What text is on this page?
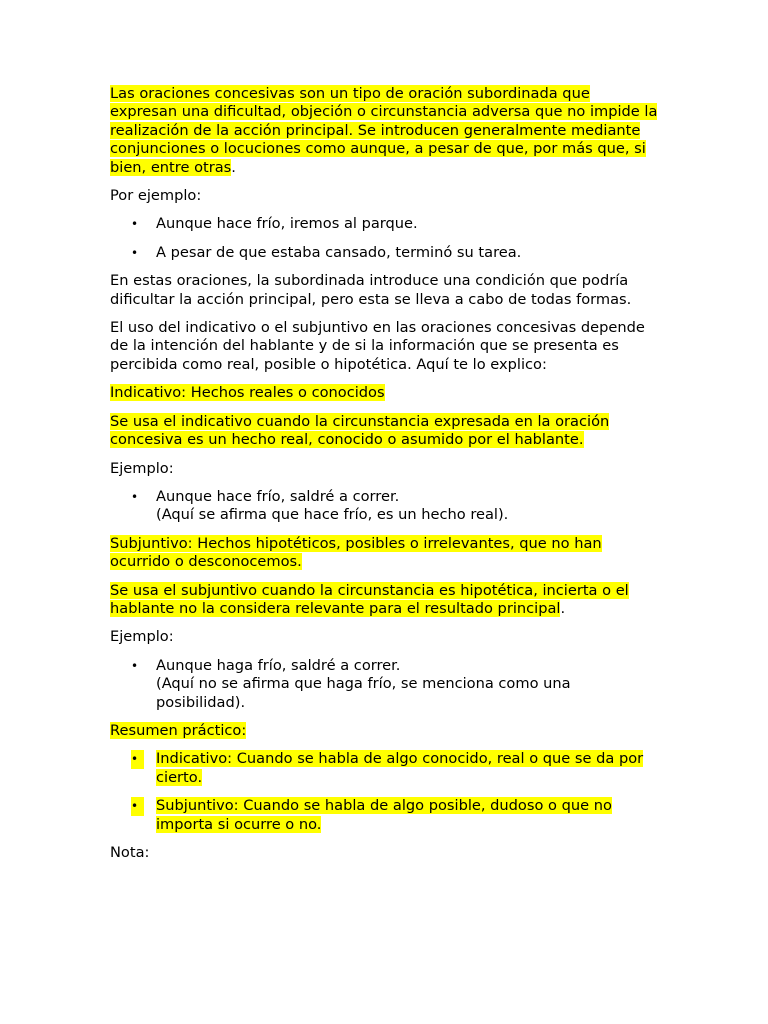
Las oraciones concesivas son un tipo de oración subordinada que expresan una dificultad, objeción o circunstancia adversa que no impide la realización de la acción principal. Se introducen generalmente mediante conjunciones o locuciones como aunque, a pesar de que, por más que, si bien, entre otras.

Por ejemplo:

• Aunque hace frío, iremos al parque.
• A pesar de que estaba cansado, terminó su tarea.

En estas oraciones, la subordinada introduce una condición que podría dificultar la acción principal, pero esta se lleva a cabo de todas formas.

El uso del indicativo o el subjuntivo en las oraciones concesivas depende de la intención del hablante y de si la información que se presenta es percibida como real, posible o hipotética. Aquí te lo explico:

Indicativo: Hechos reales o conocidos

Se usa el indicativo cuando la circunstancia expresada en la oración concesiva es un hecho real, conocido o asumido por el hablante.

Ejemplo:

• Aunque hace frío, saldré a correr.
(Aquí se afirma que hace frío, es un hecho real).

Subjuntivo: Hechos hipotéticos, posibles o irrelevantes, que no han ocurrido o desconocemos.

Se usa el subjuntivo cuando la circunstancia es hipotética, incierta o el hablante no la considera relevante para el resultado principal.

Ejemplo:

• Aunque haga frío, saldré a correr.
(Aquí no se afirma que haga frío, se menciona como una posibilidad).

Resumen práctico:

• Indicativo: Cuando se habla de algo conocido, real o que se da por cierto.
• Subjuntivo: Cuando se habla de algo posible, dudoso o que no importa si ocurre o no.

Nota:
